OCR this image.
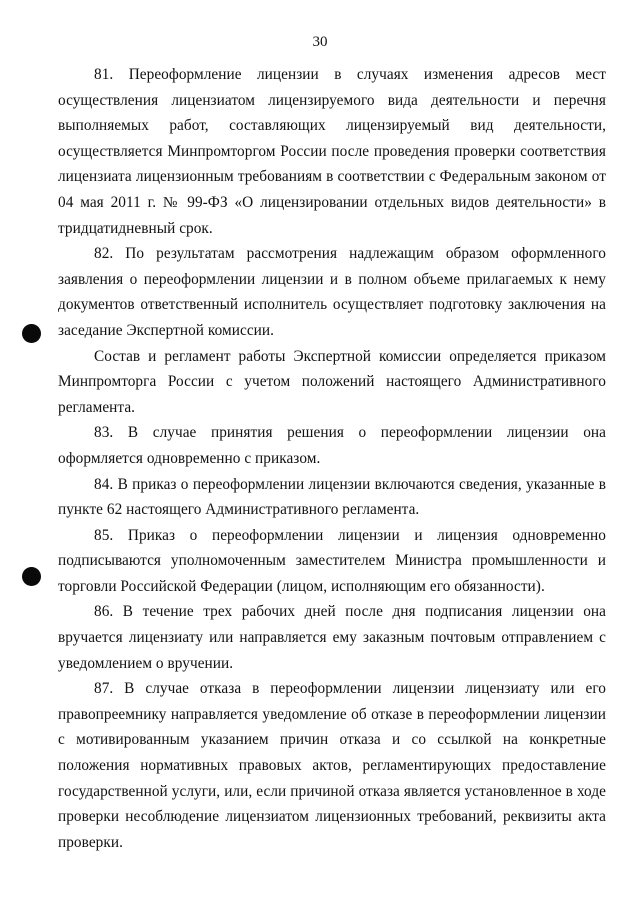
30

81. Переоформление лицензии в случаях изменения адресов мест осуществления лицензиатом лицензируемого вида деятельности и перечня выполняемых работ, составляющих лицензируемый вид деятельности, осуществляется Минпромторгом России после проведения проверки соответствия лицензиата лицензионным требованиям в соответствии с Федеральным законом от 04 мая 2011 г. № 99-ФЗ «О лицензировании отдельных видов деятельности» в тридцатидневный срок.

82. По результатам рассмотрения надлежащим образом оформленного заявления о переоформлении лицензии и в полном объеме прилагаемых к нему документов ответственный исполнитель осуществляет подготовку заключения на заседание Экспертной комиссии.

Состав и регламент работы Экспертной комиссии определяется приказом Минпромторга России с учетом положений настоящего Административного регламента.

83. В случае принятия решения о переоформлении лицензии она оформляется одновременно с приказом.

84. В приказ о переоформлении лицензии включаются сведения, указанные в пункте 62 настоящего Административного регламента.

85. Приказ о переоформлении лицензии и лицензия одновременно подписываются уполномоченным заместителем Министра промышленности и торговли Российской Федерации (лицом, исполняющим его обязанности).

86. В течение трех рабочих дней после дня подписания лицензии она вручается лицензиату или направляется ему заказным почтовым отправлением с уведомлением о вручении.

87. В случае отказа в переоформлении лицензии лицензиату или его правопреемнику направляется уведомление об отказе в переоформлении лицензии с мотивированным указанием причин отказа и со ссылкой на конкретные положения нормативных правовых актов, регламентирующих предоставление государственной услуги, или, если причиной отказа является установленное в ходе проверки несоблюдение лицензиатом лицензионных требований, реквизиты акта проверки.
